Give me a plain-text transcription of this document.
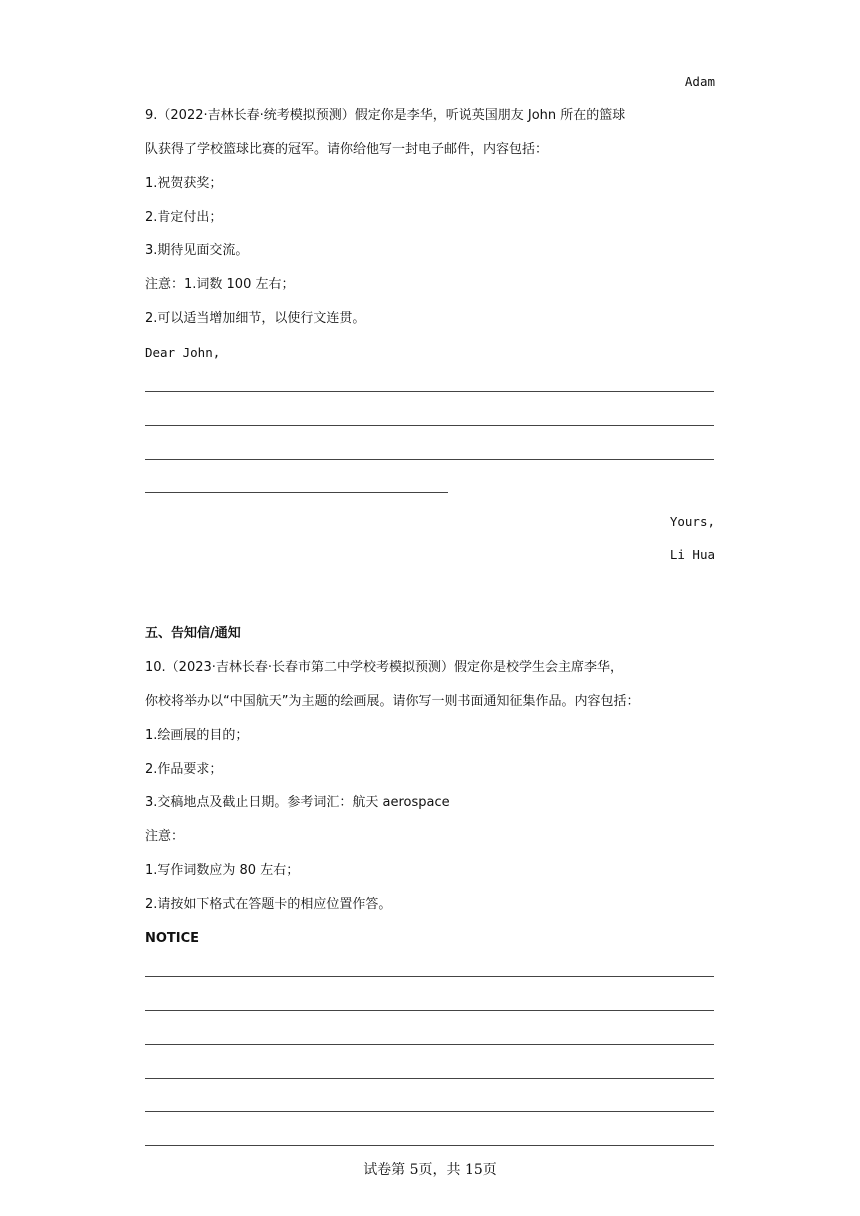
Adam
9.（2022·吉林长春·统考模拟预测）假定你是李华，听说英国朋友 John 所在的篮球
队获得了学校篮球比赛的冠军。请你给他写一封电子邮件，内容包括：
1.祝贺获奖；
2.肯定付出；
3.期待见面交流。
注意：1.词数 100 左右；
2.可以适当增加细节，以使行文连贯。
Dear John,
Yours,
Li Hua
五、告知信/通知
10.（2023·吉林长春·长春市第二中学校考模拟预测）假定你是校学生会主席李华，
你校将举办以“中国航天”为主题的绘画展。请你写一则书面通知征集作品。内容包括：
1.绘画展的目的；
2.作品要求；
3.交稿地点及截止日期。参考词汇：航天 aerospace
注意：
1.写作词数应为 80 左右；
2.请按如下格式在答题卡的相应位置作答。
NOTICE
试卷第 5页，共 15页
